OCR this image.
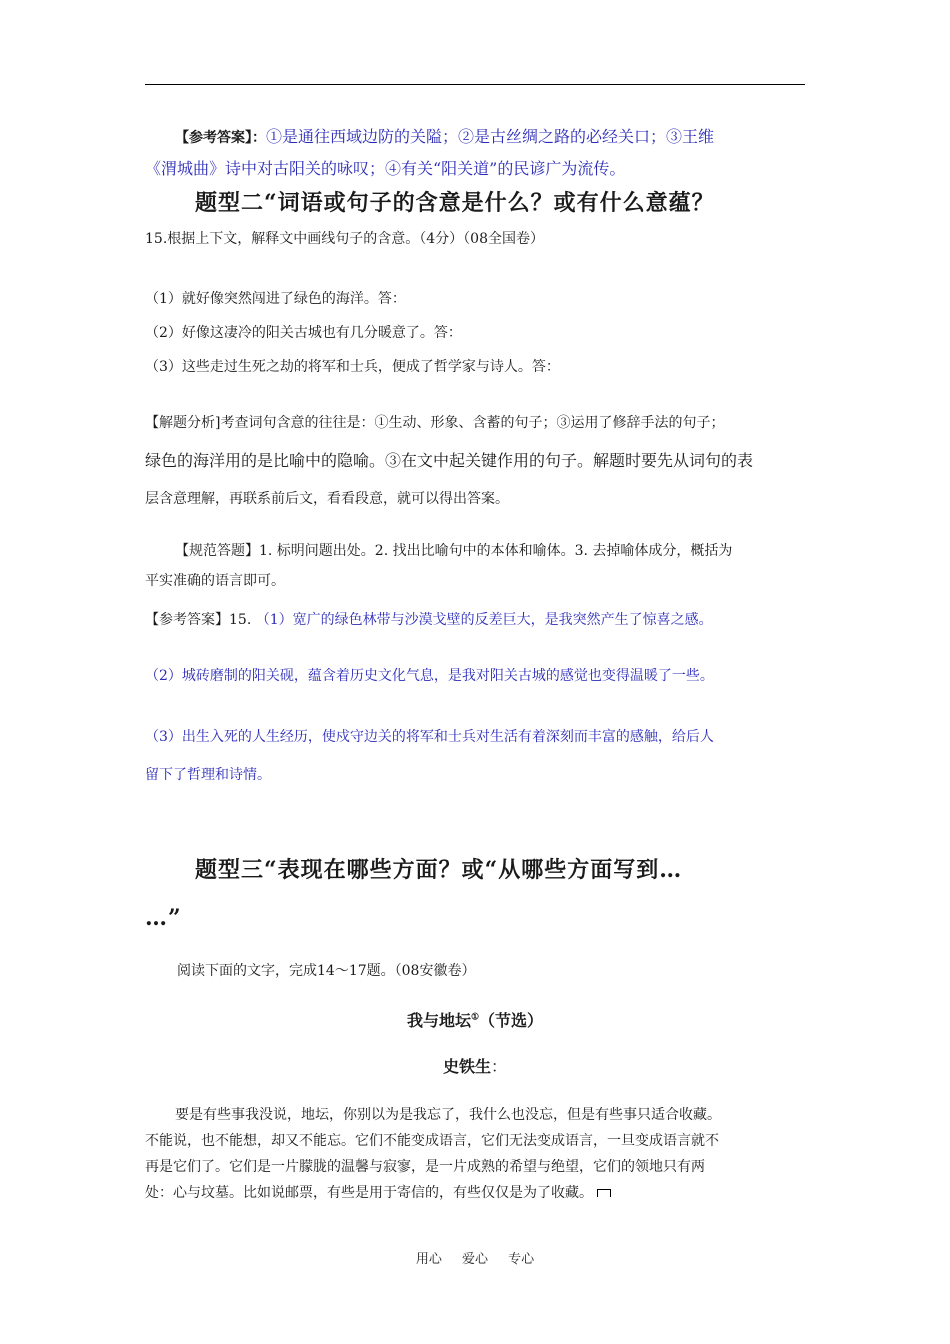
【参考答案】：①是通往西域边防的关隘；②是古丝绸之路的必经关口；③王维
《渭城曲》诗中对古阳关的咏叹；④有关“阳关道”的民谚广为流传。
题型二“词语或句子的含意是什么？或有什么意蕴？
15.根据上下文，解释文中画线句子的含意。（4分）（08全国卷）
（1）就好像突然闯进了绿色的海洋。答：
（2）好像这凄冷的阳关古城也有几分暖意了。答：
（3）这些走过生死之劫的将军和士兵，便成了哲学家与诗人。答：
【解题分析]考查词句含意的往往是：①生动、形象、含蓄的句子；③运用了修辞手法的句子；
绿色的海洋用的是比喻中的隐喻。③在文中起关键作用的句子。解题时要先从词句的表
层含意理解，再联系前后文，看看段意，就可以得出答案。
【规范答题】1. 标明问题出处。2. 找出比喻句中的本体和喻体。3. 去掉喻体成分，概括为
平实准确的语言即可。
【参考答案】15. （1）宽广的绿色林带与沙漠戈壁的反差巨大，是我突然产生了惊喜之感。
（2）城砖磨制的阳关砚，蕴含着历史文化气息，是我对阳关古城的感觉也变得温暖了一些。
（3）出生入死的人生经历，使戍守边关的将军和士兵对生活有着深刻而丰富的感触，给后人
留下了哲理和诗情。
题型三“表现在哪些方面？或“从哪些方面写到…
…”
阅读下面的文字，完成14～17题。（08安徽卷）
我与地坛①（节选）
史铁生：
要是有些事我没说，地坛，你别以为是我忘了，我什么也没忘，但是有些事只适合收藏。
不能说，也不能想，却又不能忘。它们不能变成语言，它们无法变成语言，一旦变成语言就不
再是它们了。它们是一片朦胧的温馨与寂寥，是一片成熟的希望与绝望，它们的领地只有两
处：心与坟墓。比如说邮票，有些是用于寄信的，有些仅仅是为了收藏。
用心 爱心 专心
